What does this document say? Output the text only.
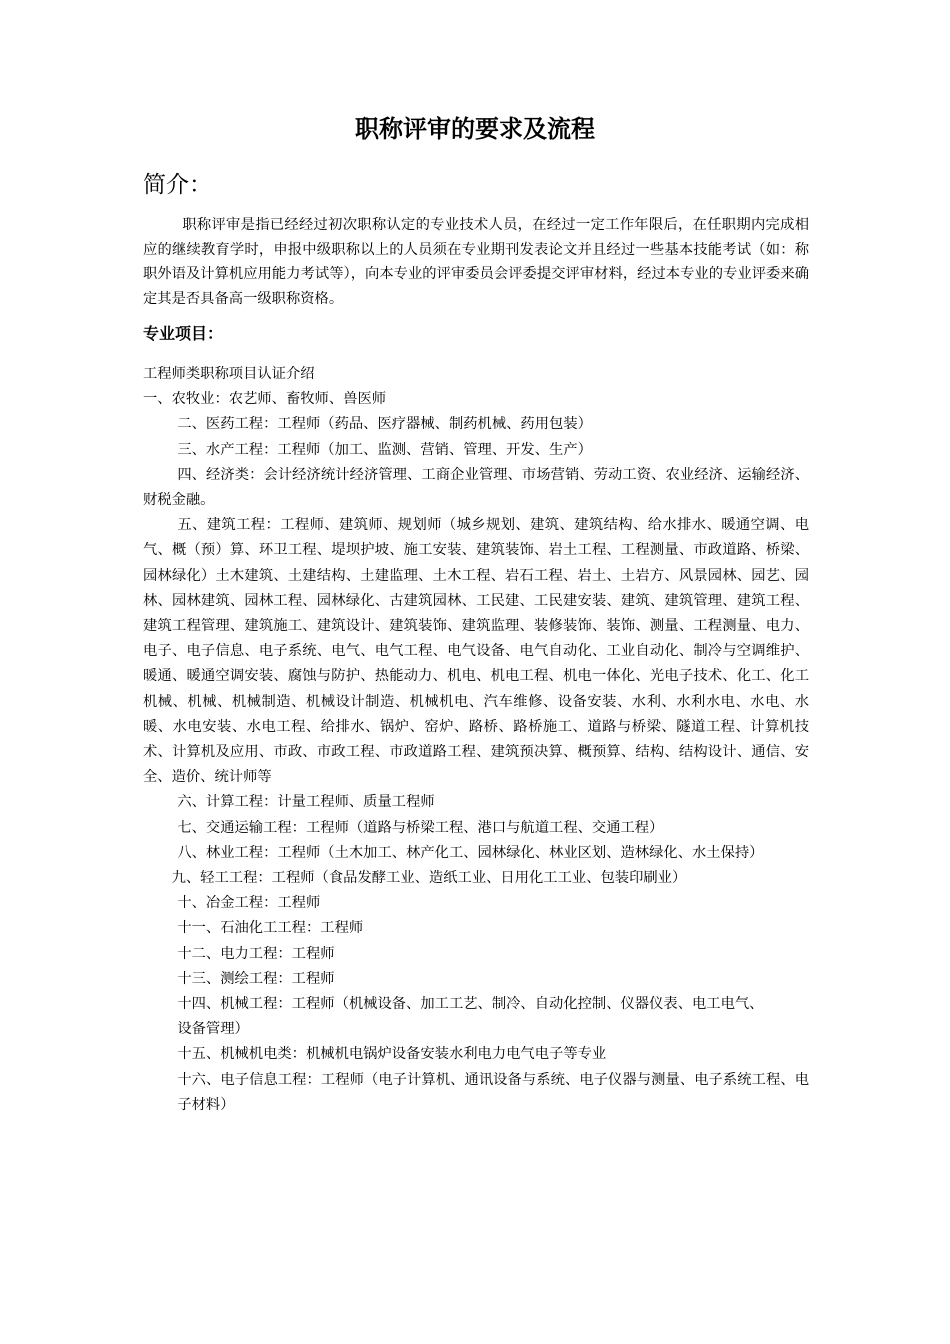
职称评审的要求及流程
简介：

职称评审是指已经经过初次职称认定的专业技术人员，在经过一定工作年限后，在任职期内完成相应的继续教育学时，申报中级职称以上的人员须在专业期刊发表论文并且经过一些基本技能考试（如：称职外语及计算机应用能力考试等），向本专业的评审委员会评委提交评审材料，经过本专业的专业评委来确定其是否具备高一级职称资格。

专业项目：

工程师类职称项目认证介绍

一、农牧业：农艺师、畜牧师、兽医师

二、医药工程：工程师（药品、医疗器械、制药机械、药用包装）

三、水产工程：工程师（加工、监测、营销、管理、开发、生产）

四、经济类：会计经济统计经济管理、工商企业管理、市场营销、劳动工资、农业经济、运输经济、财税金融。

五、建筑工程：工程师、建筑师、规划师（城乡规划、建筑、建筑结构、给水排水、暖通空调、电气、概（预）算、环卫工程、堤坝护坡、施工安装、建筑装饰、岩土工程、工程测量、市政道路、桥梁、园林绿化）土木建筑、土建结构、土建监理、土木工程、岩石工程、岩土、土岩方、风景园林、园艺、园林、园林建筑、园林工程、园林绿化、古建筑园林、工民建、工民建安装、建筑、建筑管理、建筑工程、建筑工程管理、建筑施工、建筑设计、建筑装饰、建筑监理、装修装饰、装饰、测量、工程测量、电力、电子、电子信息、电子系统、电气、电气工程、电气设备、电气自动化、工业自动化、制冷与空调维护、暖通、暖通空调安装、腐蚀与防护、热能动力、机电、机电工程、机电一体化、光电子技术、化工、化工机械、机械、机械制造、机械设计制造、机械机电、汽车维修、设备安装、水利、水利水电、水电、水暖、水电安装、水电工程、给排水、锅炉、窑炉、路桥、路桥施工、道路与桥梁、隧道工程、计算机技术、计算机及应用、市政、市政工程、市政道路工程、建筑预决算、概预算、结构、结构设计、通信、安全、造价、统计师等

六、计算工程：计量工程师、质量工程师

七、交通运输工程：工程师（道路与桥梁工程、港口与航道工程、交通工程）

八、林业工程：工程师（土木加工、林产化工、园林绿化、林业区划、造林绿化、水土保持）

九、轻工工程：工程师（食品发酵工业、造纸工业、日用化工工业、包装印刷业）

十、冶金工程：工程师

十一、石油化工工程：工程师

十二、电力工程：工程师

十三、测绘工程：工程师

十四、机械工程：工程师（机械设备、加工工艺、制冷、自动化控制、仪器仪表、电工电气、

设备管理）

十五、机械机电类：机械机电锅炉设备安装水利电力电气电子等专业

十六、电子信息工程：工程师（电子计算机、通讯设备与系统、电子仪器与测量、电子系统工程、电子材料）
